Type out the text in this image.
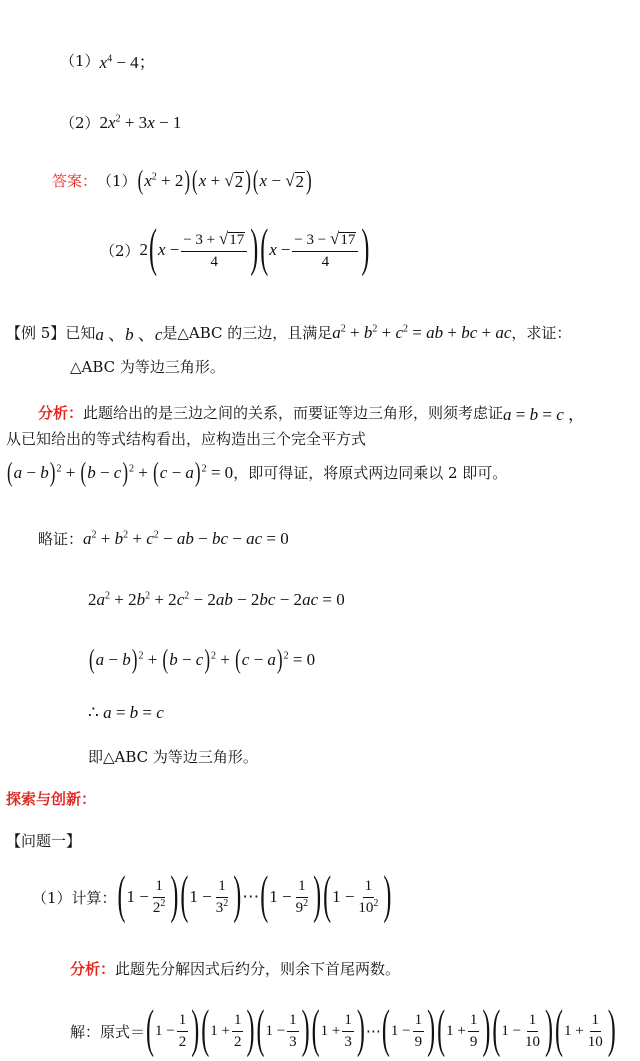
（1） $x^4 - 4$；
（2） $2x^2 + 3x - 1$
答案： （1） $(x^2 + 2) (x$ + √ 2 ) (x − √ 2 )
（2） 2 ( $x - \frac{- 3 + √ 17}{4}$ ) ( $x - \frac{- 3 - √ 17}{4}$ )
【例 5】 已知 a 、b 、c 是△ABC 的三边，且满足 $a^2 + b^2 + c^2$ = ab + bc + ac ，求证：
△ABC 为等边三角形。
分析： 此题给出的是三边之间的关系，而要证等边三角形，则须考虑证 a = b = c ，
从已知给出的等式结构看出，应构造出三个完全平方式
$(a - b)^2 + (b - c)^2 + (c - a)^2 = 0$ ，即可得证，将原式两边同乘以 2 即可。
略证： $a^2 + b^2 + c^2$ − ab − bc − ac = 0
$2a^2 + 2b^2 + 2c^2 - 2ab - 2bc - 2ac = 0$
$(a - b)^2 + (b - c)^2 + (c - a)^2 = 0$
∴ a = b = c
即△ABC 为等边三角形。
探索与创新：
【问题一】
（1）计算： ( $1 - \frac{1}{2^2}$ ) ( $1 - \frac{1}{3^2}$ ) ⋯ ( $1 - \frac{1}{9^2}$ ) ( $1 - \frac{1}{10^2}$ )
分析： 此题先分解因式后约分，则余下首尾两数。
解：原式＝ ( $1 - \frac{1}{2}$ ) ( $1 + \frac{1}{2}$ ) ( $1 - \frac{1}{3}$ ) ( $1 + \frac{1}{3}$ ) ⋯ ( $1 - \frac{1}{9}$ ) ( $1 + \frac{1}{9}$ ) ( $1 - \frac{1}{10}$ ) ( $1 + \frac{1}{10}$ )
